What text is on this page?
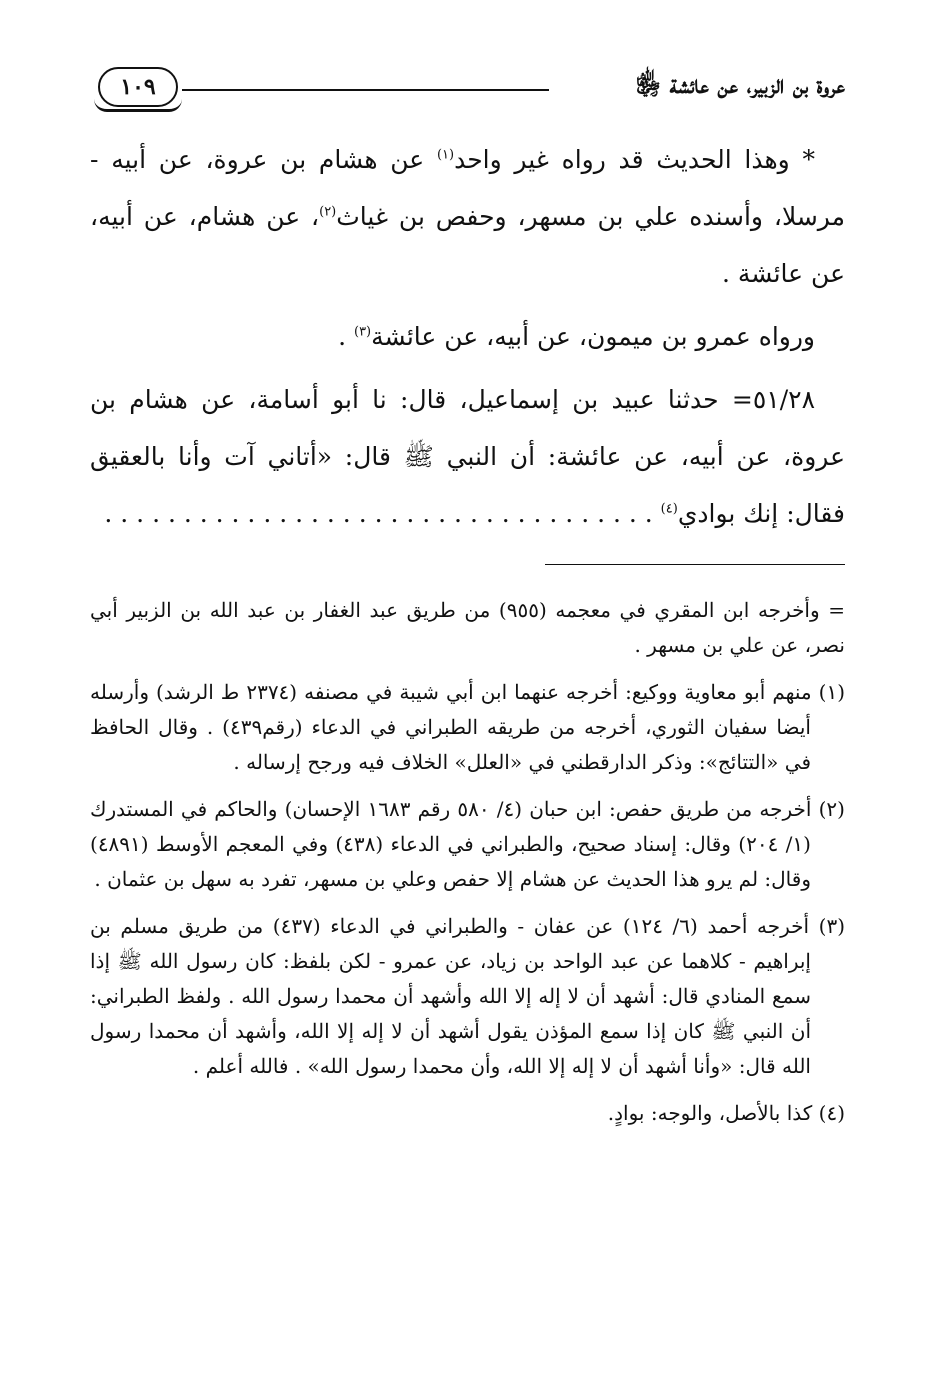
عروة بن الزبير، عن عائشة ﵂
١٠٩

* وهذا الحديث قد رواه غير واحد$^{(١)}$ عن هشام بن عروة، عن أبيه - مرسلا، وأسنده علي بن مسهر، وحفص بن غياث$^{(٢)}$، عن هشام، عن أبيه، عن عائشة .

ورواه عمرو بن ميمون، عن أبيه، عن عائشة$^{(٣)}$ .

٥١/٢٨= حدثنا عبيد بن إسماعيل، قال: نا أبو أسامة، عن هشام بن عروة، عن أبيه، عن عائشة: أن النبي ﷺ قال: «أتاني آت وأنا بالعقيق فقال: إنك بوادي$^{(٤)}$ . . . . . . . . . . . . . . . . . . . . . . . . . . . . . . . . . . .

= وأخرجه ابن المقري في معجمه (٩٥٥) من طريق عبد الغفار بن عبد الله بن الزبير أبي نصر، عن علي بن مسهر .

(١) منهم أبو معاوية ووكيع: أخرجه عنهما ابن أبي شيبة في مصنفه (٢٣٧٤ ط الرشد) وأرسله أيضا سفيان الثوري، أخرجه من طريقه الطبراني في الدعاء (رقم٤٣٩) . وقال الحافظ في «التتائج»: وذكر الدارقطني في «العلل» الخلاف فيه ورجح إرساله .

(٢) أخرجه من طريق حفص: ابن حبان (٤/ ٥٨٠ رقم ١٦٨٣ الإحسان) والحاكم في المستدرك (١/ ٢٠٤) وقال: إسناد صحيح، والطبراني في الدعاء (٤٣٨) وفي المعجم الأوسط (٤٨٩١) وقال: لم يرو هذا الحديث عن هشام إلا حفص وعلي بن مسهر، تفرد به سهل بن عثمان .

(٣) أخرجه أحمد (٦/ ١٢٤) عن عفان - والطبراني في الدعاء (٤٣٧) من طريق مسلم بن إبراهيم - كلاهما عن عبد الواحد بن زياد، عن عمرو - لكن بلفظ: كان رسول الله ﷺ إذا سمع المنادي قال: أشهد أن لا إله إلا الله وأشهد أن محمدا رسول الله . ولفظ الطبراني: أن النبي ﷺ كان إذا سمع المؤذن يقول أشهد أن لا إله إلا الله، وأشهد أن محمدا رسول الله قال: «وأنا أشهد أن لا إله إلا الله، وأن محمدا رسول الله» . فالله أعلم .

(٤) كذا بالأصل، والوجه: بوادٍ.
